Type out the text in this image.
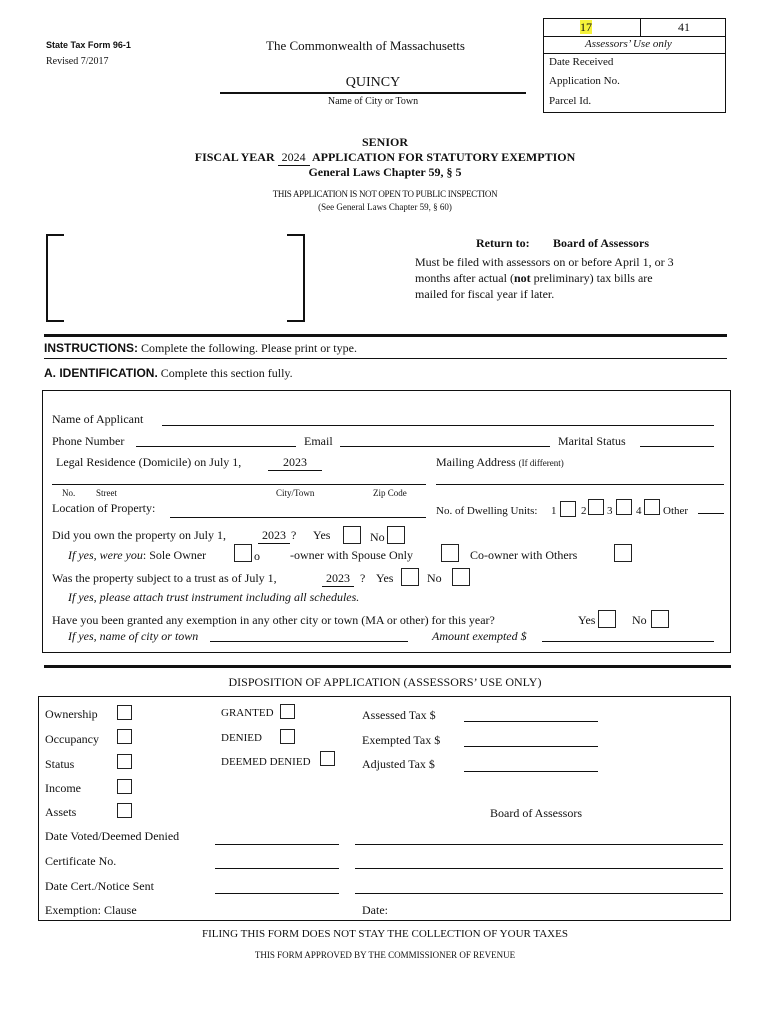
State Tax Form 96-1
Revised 7/2017
The Commonwealth of Massachusetts
QUINCY
Name of City or Town
17	41
Assessors’ Use only
Date Received
Application No.
Parcel Id.
SENIOR
FISCAL YEAR 2024 APPLICATION FOR STATUTORY EXEMPTION
General Laws Chapter 59, § 5
THIS APPLICATION IS NOT OPEN TO PUBLIC INSPECTION
(See General Laws Chapter 59, § 60)
Return to: Board of Assessors
Must be filed with assessors on or before April 1, or 3
months after actual (not preliminary) tax bills are
mailed for fiscal year if later.
INSTRUCTIONS: Complete the following. Please print or type.
A. IDENTIFICATION. Complete this section fully.
Name of Applicant
Phone Number	Email	Marital Status
Legal Residence (Domicile) on July 1,	2023	Mailing Address (If different)
No. Street	City/Town	Zip Code
Location of Property:	No. of Dwelling Units: 1 2 3 4 Other
Did you own the property on July 1,	2023 ? Yes	No
If yes, were you: Sole Owner	o	-owner with Spouse Only	Co-owner with Others
Was the property subject to a trust as of July 1,	2023 ? Yes	No
If yes, please attach trust instrument including all schedules.
Have you been granted any exemption in any other city or town (MA or other) for this year?	Yes	No
If yes, name of city or town	Amount exempted $
DISPOSITION OF APPLICATION (ASSESSORS’ USE ONLY)
Ownership
Occupancy
Status
Income
Assets
GRANTED
DENIED
DEEMED DENIED
Assessed Tax $
Exempted Tax $
Adjusted Tax $
Board of Assessors
Date Voted/Deemed Denied
Certificate No.
Date Cert./Notice Sent
Exemption: Clause	Date:
FILING THIS FORM DOES NOT STAY THE COLLECTION OF YOUR TAXES
THIS FORM APPROVED BY THE COMMISSIONER OF REVENUE
